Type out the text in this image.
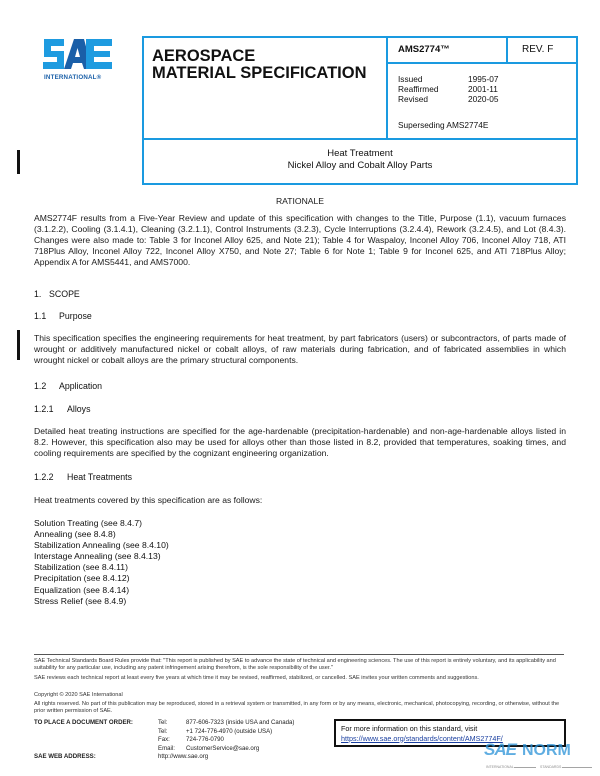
INTERNATIONAL®
AEROSPACE
MATERIAL SPECIFICATION
AMS2774™	REV. F
Issued	1995-07
Reaffirmed	2001-11
Revised	2020-05
Superseding AMS2774E
Heat Treatment
Nickel Alloy and Cobalt Alloy Parts
RATIONALE
AMS2774F results from a Five-Year Review and update of this specification with changes to the Title, Purpose (1.1), vacuum furnaces (3.1.2.2), Cooling (3.1.4.1), Cleaning (3.2.1.1), Control Instruments (3.2.3), Cycle Interruptions (3.2.4.4), Rework (3.2.4.5), and Lot (8.4.3). Changes were also made to: Table 3 for Inconel Alloy 625, and Note 21); Table 4 for Waspaloy, Inconel Alloy 706, Inconel Alloy 718, ATI 718Plus Alloy, Inconel Alloy 722, Inconel Alloy X750, and Note 27; Table 6 for Note 1; Table 9 for Inconel 625, and ATI 718Plus Alloy; Appendix A for AMS5441, and AMS7000.
1. SCOPE
1.1 Purpose
This specification specifies the engineering requirements for heat treatment, by part fabricators (users) or subcontractors, of parts made of wrought or additively manufactured nickel or cobalt alloys, of raw materials during fabrication, and of fabricated assemblies in which wrought nickel or cobalt alloys are the primary structural components.
1.2 Application
1.2.1 Alloys
Detailed heat treating instructions are specified for the age-hardenable (precipitation-hardenable) and non-age-hardenable alloys listed in 8.2. However, this specification also may be used for alloys other than those listed in 8.2, provided that temperatures, soaking times, and cooling requirements are specified by the cognizant engineering organization.
1.2.2 Heat Treatments
Heat treatments covered by this specification are as follows:
Solution Treating (see 8.4.7)
Annealing (see 8.4.8)
Stabilization Annealing (see 8.4.10)
Interstage Annealing (see 8.4.13)
Stabilization (see 8.4.11)
Precipitation (see 8.4.12)
Equalization (see 8.4.14)
Stress Relief (see 8.4.9)
SAE Technical Standards Board Rules provide that: "This report is published by SAE to advance the state of technical and engineering sciences. The use of this report is entirely voluntary, and its applicability and suitability for any particular use, including any patent infringement arising therefrom, is the sole responsibility of the user."
SAE reviews each technical report at least every five years at which time it may be revised, reaffirmed, stabilized, or cancelled. SAE invites your written comments and suggestions.
Copyright © 2020 SAE International
All rights reserved. No part of this publication may be reproduced, stored in a retrieval system or transmitted, in any form or by any means, electronic, mechanical, photocopying, recording, or otherwise, without the prior written permission of SAE.
TO PLACE A DOCUMENT ORDER:	Tel:	877-606-7323 (inside USA and Canada)
Tel:	+1 724-776-4970 (outside USA)
Fax:	724-776-0790
Email:	CustomerService@sae.org
SAE WEB ADDRESS:	http://www.sae.org
For more information on this standard, visit
https://www.sae.org/standards/content/AMS2774F/
SAE NORM
INTERNATIONAL	STANDARDS
